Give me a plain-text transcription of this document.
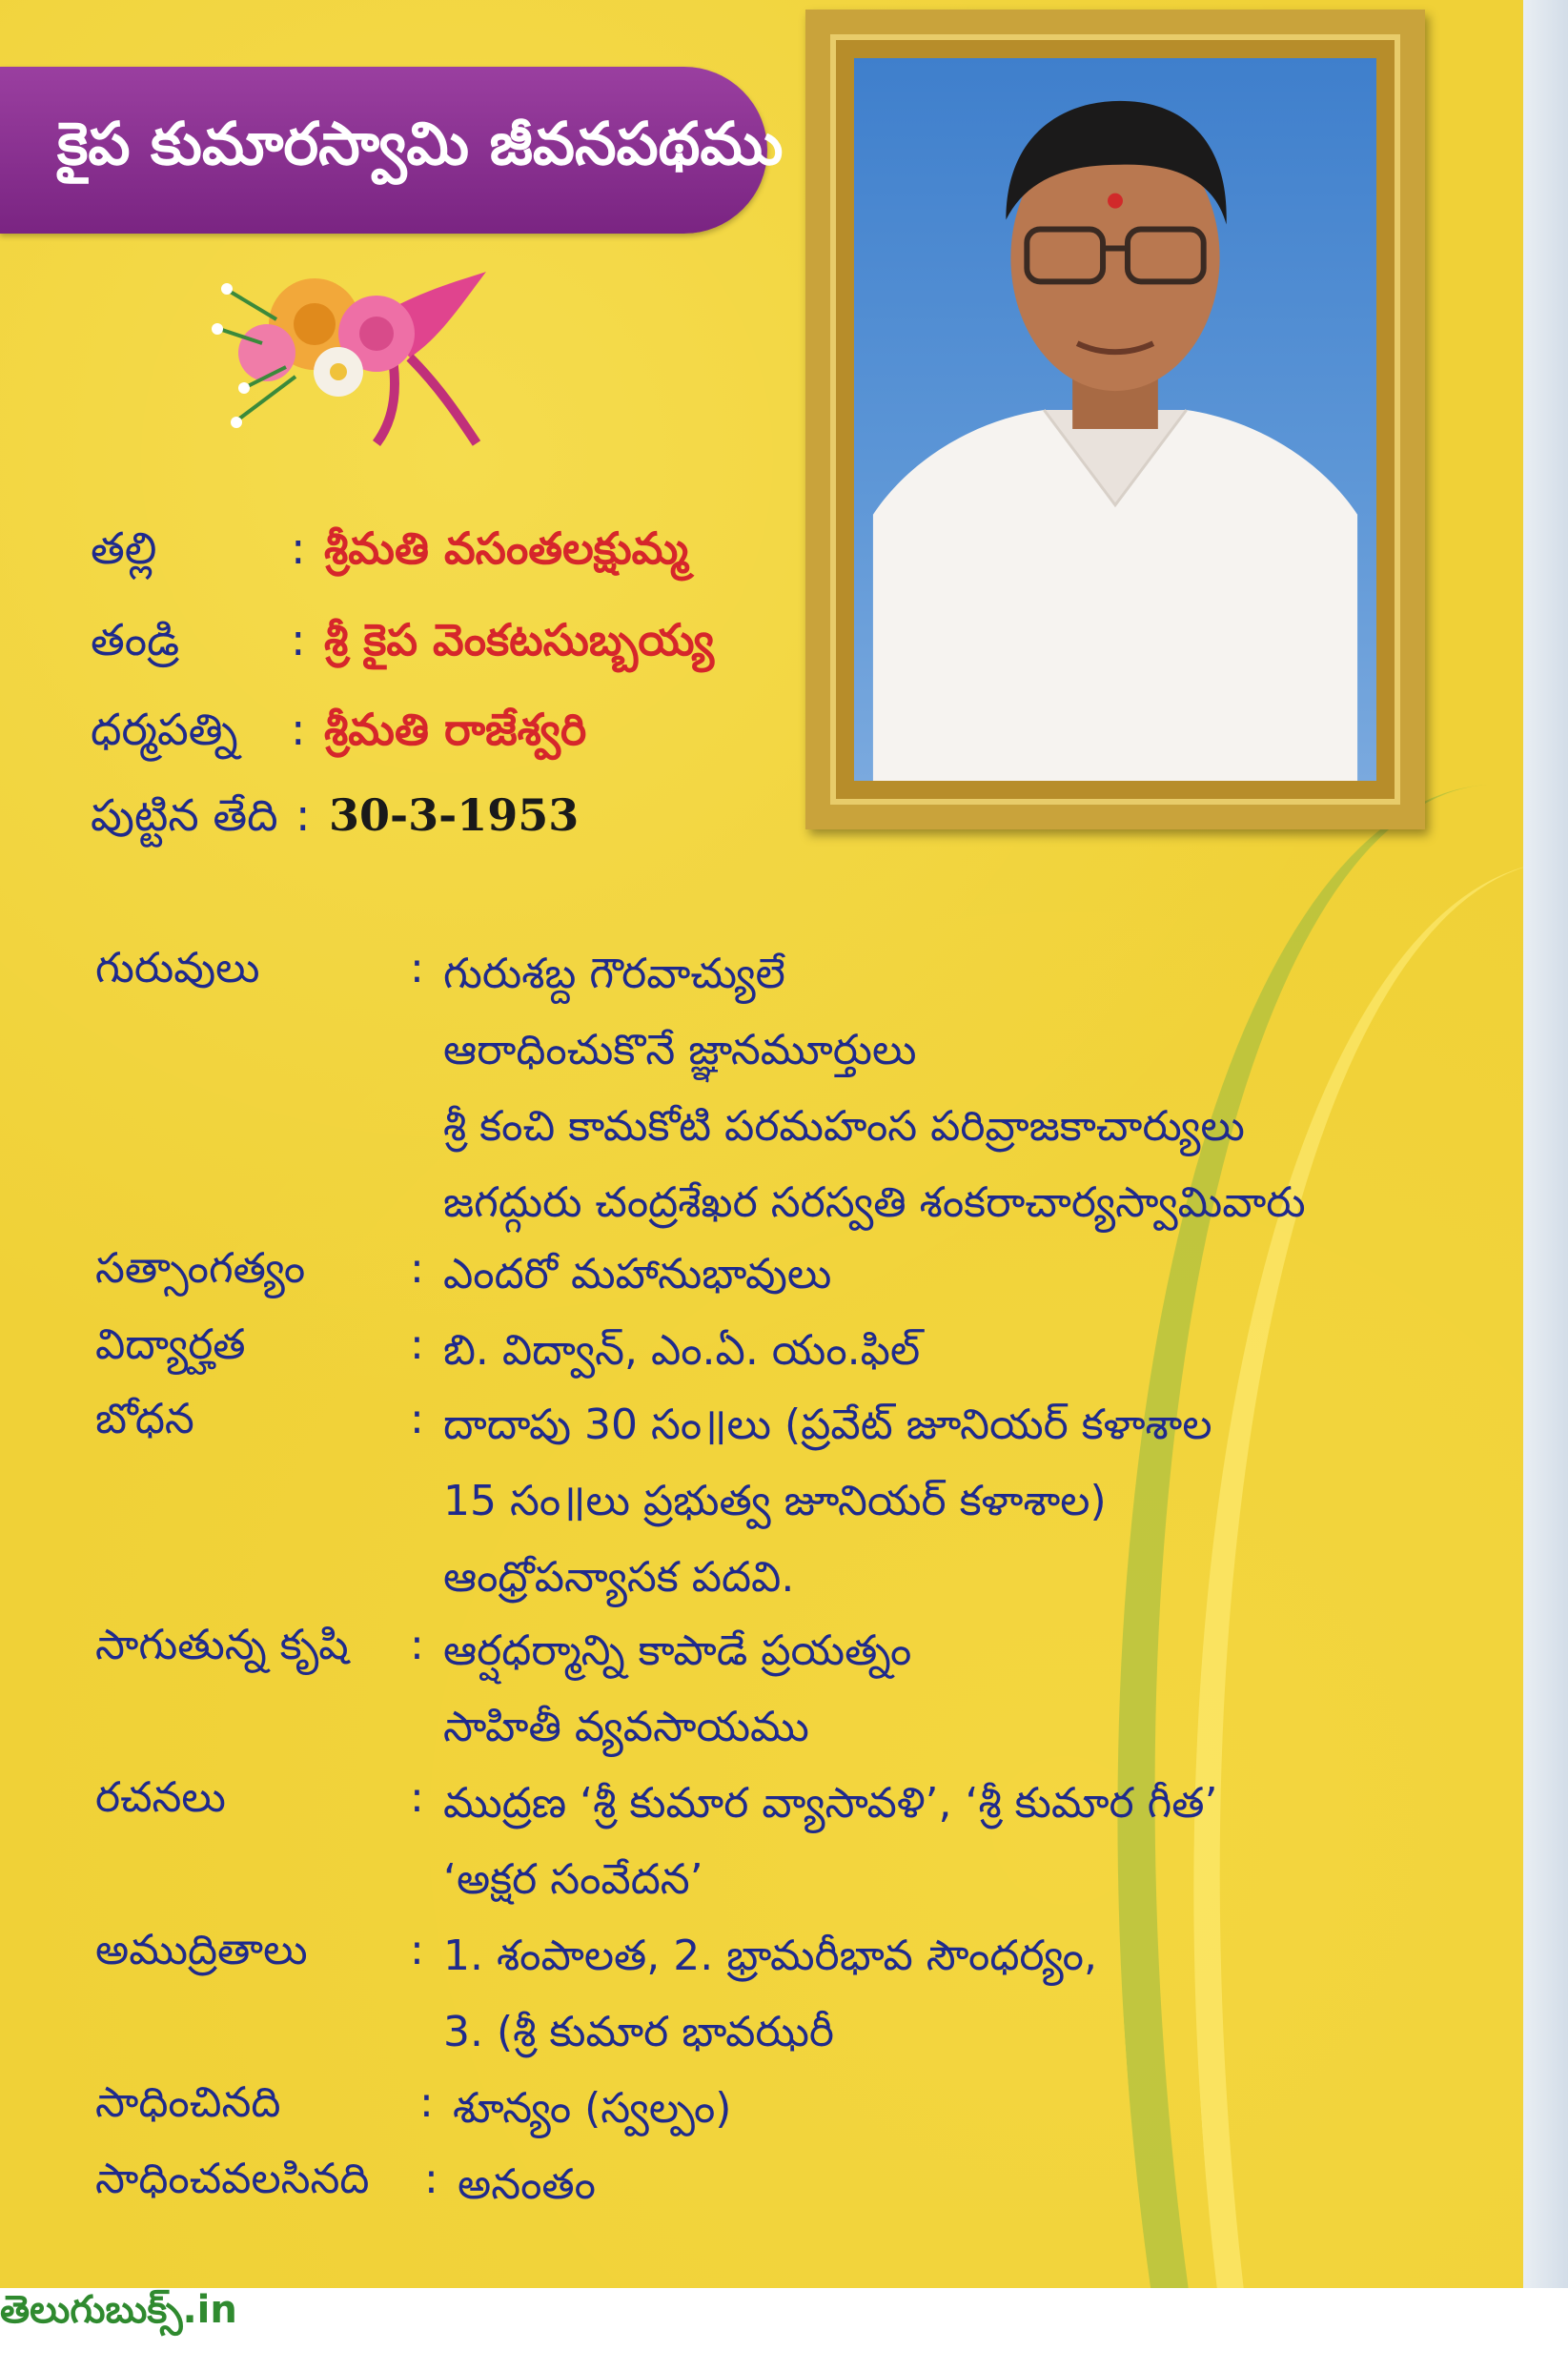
కైప కుమారస్వామి జీవనపథము
తల్లి	: శ్రీమతి వసంతలక్షుమ్మ
తండ్రి	: శ్రీ కైప వెంకటసుబ్బయ్య
ధర్మపత్ని : శ్రీమతి రాజేశ్వరి
పుట్టిన తేది : 30-3-1953
గురువులు	: గురుశబ్ద గౌరవాచ్యులే
ఆరాధించుకొనే జ్ఞానమూర్తులు
శ్రీ కంచి కామకోటి పరమహంస పరివ్రాజకాచార్యులు
జగద్గురు చంద్రశేఖర సరస్వతి శంకరాచార్యస్వామివారు
సత్సాంగత్యం : ఎందరో మహానుభావులు
విద్యార్హత	: బి. విద్వాన్, ఎం.ఏ. యం.ఫిల్
బోధన	: దాదాపు 30 సం॥లు (ప్రవేట్ జూనియర్ కళాశాల
15 సం॥లు ప్రభుత్వ జూనియర్ కళాశాల)
ఆంధ్రోపన్యాసక పదవి.
సాగుతున్న కృషి : ఆర్షధర్మాన్ని కాపాడే ప్రయత్నం
సాహితీ వ్యవసాయము
రచనలు	: ముద్రణ ‘శ్రీ కుమార వ్యాసావళి’, ‘శ్రీ కుమార గీత’
‘అక్షర సంవేదన’
అముద్రితాలు : 1. శంపాలత, 2. భ్రామరీభావ సౌంధర్యం,
3. (శ్రీ కుమార భావఝరీ
సాధించినది	: శూన్యం (స్వల్పం)
సాధించవలసినది : అనంతం
తెలుగుబుక్స్.in
